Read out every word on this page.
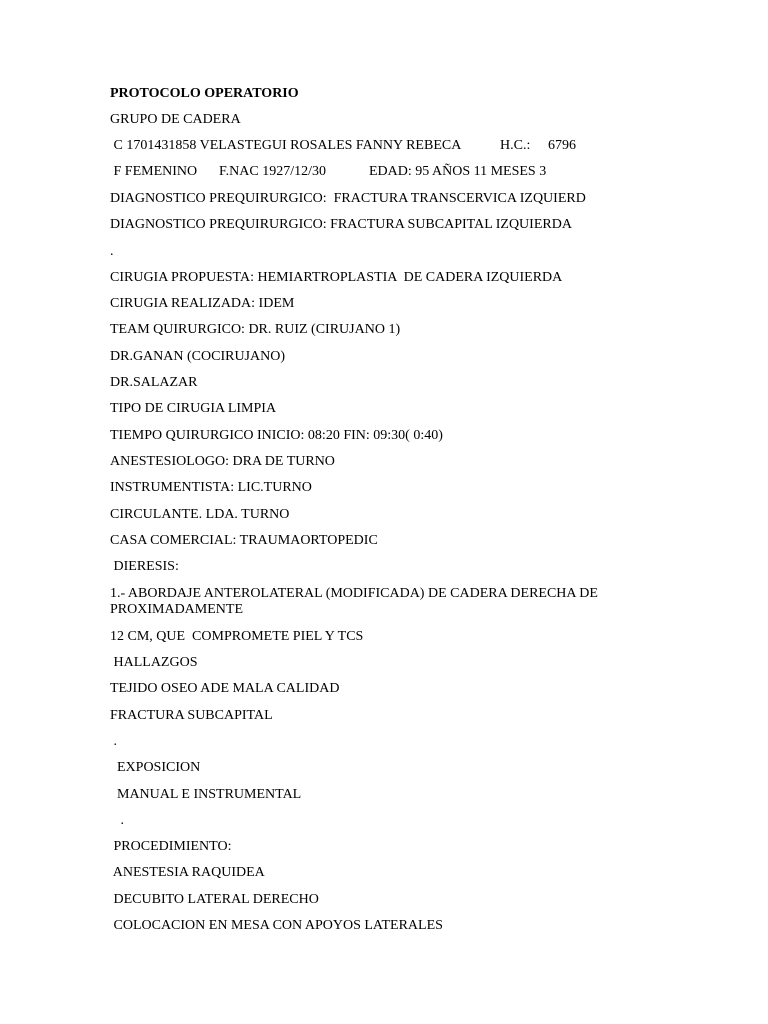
PROTOCOLO OPERATORIO
GRUPO DE CADERA

C 1701431858 VELASTEGUI ROSALES FANNY REBECA

	H.C.:

6796

F FEMENINO

F.NAC 1927/12/30

	EDAD: 95 AÑOS 11 MESES 3

DIAGNOSTICO PREQUIRURGICO:  FRACTURA TRANSCERVICA IZQUIERD
DIAGNOSTICO PREQUIRURGICO: FRACTURA SUBCAPITAL IZQUIERDA
.
CIRUGIA PROPUESTA: HEMIARTROPLASTIA  DE CADERA IZQUIERDA
CIRUGIA REALIZADA: IDEM
TEAM QUIRURGICO: DR. RUIZ (CIRUJANO 1)
DR.GANAN (COCIRUJANO)
DR.SALAZAR
TIPO DE CIRUGIA LIMPIA
TIEMPO QUIRURGICO INICIO: 08:20 FIN: 09:30( 0:40)
ANESTESIOLOGO: DRA DE TURNO
INSTRUMENTISTA: LIC.TURNO
CIRCULANTE. LDA. TURNO
CASA COMERCIAL: TRAUMAORTOPEDIC
DIERESIS:
1.- ABORDAJE ANTEROLATERAL (MODIFICADA) DE CADERA DERECHA DE PROXIMADAMENTE
12 CM, QUE  COMPROMETE PIEL Y TCS
HALLAZGOS
TEJIDO OSEO ADE MALA CALIDAD
FRACTURA SUBCAPITAL
.
EXPOSICION
MANUAL E INSTRUMENTAL
.
PROCEDIMIENTO:
ANESTESIA RAQUIDEA
DECUBITO LATERAL DERECHO
COLOCACION EN MESA CON APOYOS LATERALES
